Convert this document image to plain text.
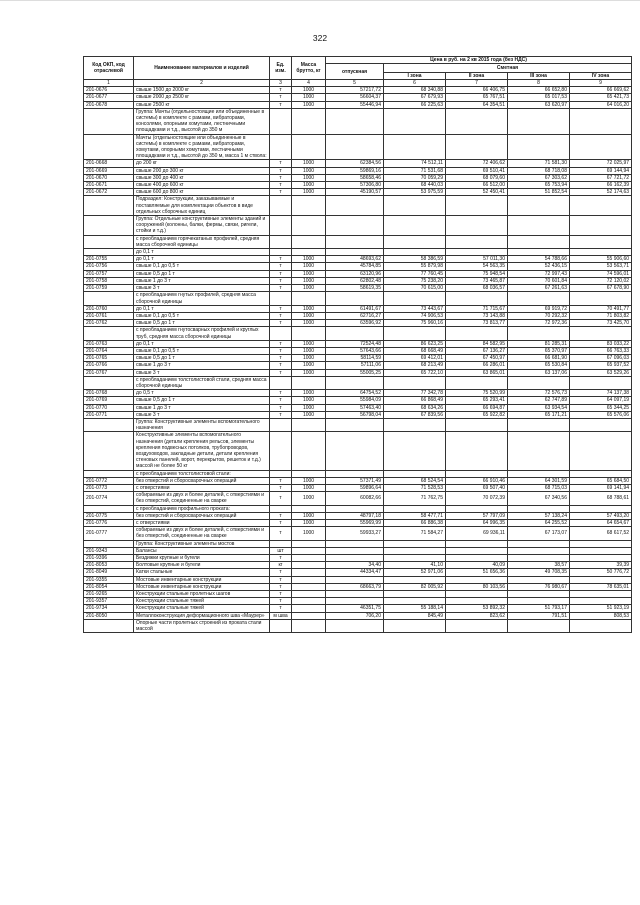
322
Код ОКП, код отраслевой	Наименование материалов и изделий	Ед. изм.	Масса брутто, кг	Цена в руб. на 2 кв 2015 года (без НДС)				
				отпускная	Сметная			
					I зона	II зона	III зона	IV зона
1	2	3	4	5	6	7	8	9
201-0676	свыше 1500 до 2000 кг	т	1000	57217,72	68 340,88	66 406,75	66 652,80	66 669,62
201-0677	свыше 2000 до 2500 кг	т	1000	56604,37	67 679,93	65 767,51	65 017,53	65 421,73
201-0678	свыше 2500 кг	т	1000	55446,94	66 225,63	64 354,51	63 620,97	64 016,20
	Группа: Мачты (отдельностоящие или объединенные в системы) в комплекте с рамами, вибраторами, консолями, опорными хомутами, лестничными площадками и т.д., высотой до 350 м							
	Мачты (отдельностоящие или объединенные в системы) в комплекте с рамами, вибраторами, хомутами, опорными хомутами, лестничными площадками и т.д., высотой до 350 м, масса 1 м ствола:							
201-0668	до 200 кг	т	1000	62384,56	74 512,11	72 406,62	71 581,30	72 025,97
201-0669	свыше 200 до 300 кг	т	1000	59869,16	71 531,68	69 510,41	68 718,08	69 144,94
201-0670	свыше 300 до 400 кг	т	1000	58658,46	70 059,29	68 079,60	67 303,62	67 721,72
201-0671	свыше 400 до 600 кг	т	1000	57306,80	68 440,03	66 512,00	65 753,94	66 162,39
201-0672	свыше 600 до 800 кг	т	1000	45190,57	53 975,59	52 450,41	51 852,54	52 174,63
	Подраздел: Конструкции, заказываемые и поставляемые для комплектации объектов в виде отдельных сборочных единиц							
	Группа: Отдельные конструктивные элементы зданий и сооружений (колонны, балки, фермы, связи, ригели, стойки и т.д.)							
	с преобладанием горячекатаных профилей, средняя масса сборочной единицы							
	до 0,1 т							
201-0755	до 0,1 т	т	1000	48693,62	58 386,59	57 011,30	54 788,66	55 906,60
201-0756	свыше 0,1 до 0,5 т	т	1000	45784,85	55 879,98	54 563,35	52 436,15	53 563,71
201-0757	свыше 0,5 до 1 т	т	1000	63120,96	77 760,45	75 948,54	72 997,43	74 596,01
201-0758	свыше 1 до 3 т	т	1000	62802,48	75 238,20	73 465,87	70 601,84	72 120,02
201-0759	свыше 3 т	т	1000	58619,35	70 615,00	68 036,57	67 261,63	67 678,90
	с преобладанием гнутых профилей, средняя масса сборочной единицы							
201-0760	до 0,1 т	т	1000	61491,67	73 443,67	71 715,67	69 919,72	70 491,77
201-0761	свыше 0,1 до 0,5 т	т	1000	62716,27	74 906,53	73 143,88	70 292,32	71 803,82
201-0762	свыше 0,5 до 1 т	т	1000	63596,92	75 960,16	73 813,77	72 972,36	73 425,70
	с преобладанием гнутосварных профилей и круглых труб, средняя масса сборочной единицы							
201-0763	до 0,1 т	т	1000	72524,48	86 623,25	84 582,95	81 285,31	83 033,22
201-0764	свыше 0,1 до 0,5 т	т	1000	57643,66	68 668,49	67 136,27	65 370,97	66 763,33
201-0765	свыше 0,5 до 1 т	т	1000	58114,59	69 412,01	67 450,97	66 681,90	67 096,03
201-0766	свыше 1 до 3 т	т	1000	57111,06	68 213,49	66 286,01	65 530,84	65 937,52
201-0767	свыше 3 т	т	1000	55005,25	65 722,10	63 865,01	63 137,06	63 529,26
	с преобладанием толстолистовой стали, средняя масса сборочной единицы							
201-0768	до 0,5 т	т	1000	64754,52	77 342,78	75 520,99	72 576,73	74 137,38
201-0769	свыше 0,5 до 1 т	т	1000	55984,09	66 868,49	65 293,41	62 747,89	64 097,19
201-0770	свыше 1 до 3 т	т	1000	57463,40	68 634,26	66 694,87	63 934,54	65 344,25
201-0771	свыше 3 т	т	1000	56798,04	67 839,56	65 922,82	65 171,21	65 576,06
	Группа: Конструктивные элементы вспомогательного назначения							
	Конструктивные элементы вспомогательного назначения (детали крепления рельсов, элементы крепления подвесных потолков, трубопроводов, воздуховодов, закладные детали, детали крепления стеновых панелей, ворот, перекрытов, решеток и т.д.) массой не более 50 кг							
	с преобладанием толстолистовой стали:							
201-0772	без отверстий и сборосварочных операций	т	1000	57371,49	68 524,54	66 910,46	64 301,59	65 684,50
201-0773	с отверстиями	т	1000	59896,64	71 528,53	69 507,40	68 715,03	69 141,94
201-0774	собираемые из двух и более деталей, с отверстиями и без отверстий, соединенные на сварке	т	1000	60082,66	71 762,75	70 072,39	67 340,56	68 788,61
	с преобладанием профильного проката:							
201-0775	без отверстий и сборосварочных операций	т	1000	48797,18	58 477,71	57 797,09	57 138,24	57 493,20
201-0776	с отверстиями	т	1000	55969,99	66 886,38	64 996,35	64 255,52	64 654,67
201-0777	собираемые из двух и более деталей, с отверстиями и без отверстий, соединенные на сварке	т	1000	59933,27	71 584,27	69 936,11	67 173,07	68 617,52
	Группа: Конструктивные элементы мостов							
201-9343	Балансы	шт						
201-9396	Бездижки крупные и бугели	т						
201-8053	Болтовые крупные и бугели	кг		34,40	41,10	40,09	38,57	39,39
201-8049	Катки стальные	т		44334,47	52 971,06	51 656,36	49 708,35	50 776,72
201-9355	Мостовые инвентарные конструкции	т						
201-8054	Мостовые инвентарные конструкции	т		68663,79	82 005,92	80 103,56	76 980,67	78 635,01
201-9265	Конструкции стальные пролетных шагов	т						
201-9357	Конструкции стальные тяжей	т						
201-9734	Конструкции стальные тяжей	т		46351,75	55 188,14	53 892,32	51 793,17	51 923,19
201-8050	Металлоконструкция деформационного шва «Маурер»	м шва		706,20	845,49	823,62	791,51	808,53
	Опорные части пролетных строений из проката стали массой							
